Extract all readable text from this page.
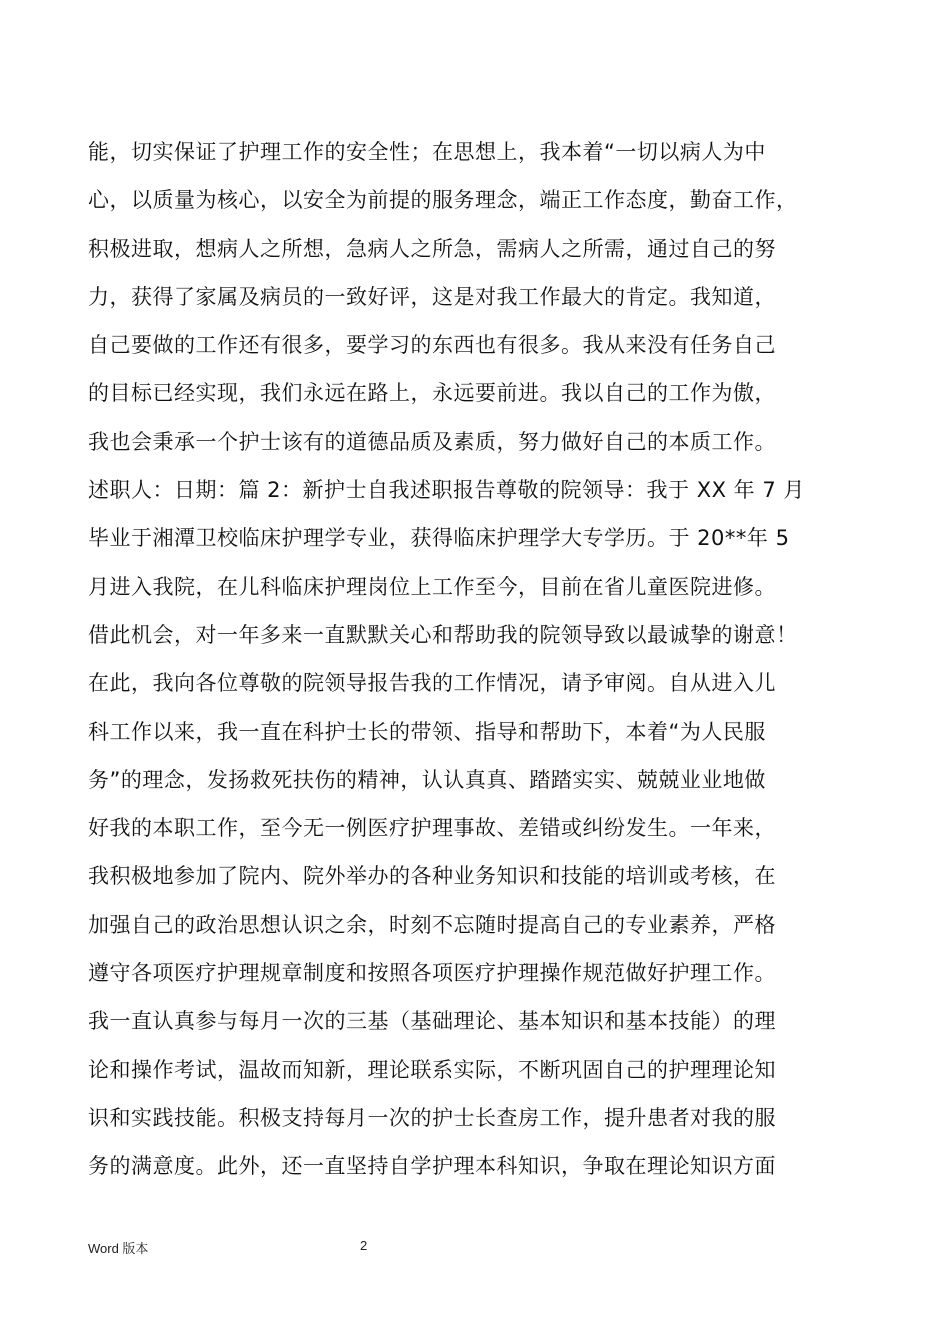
能，切实保证了护理工作的安全性；在思想上，我本着“一切以病人为中
心，以质量为核心，以安全为前提的服务理念，端正工作态度，勤奋工作，
积极进取，想病人之所想，急病人之所急，需病人之所需，通过自己的努
力，获得了家属及病员的一致好评，这是对我工作最大的肯定。我知道，
自己要做的工作还有很多，要学习的东西也有很多。我从来没有任务自己
的目标已经实现，我们永远在路上，永远要前进。我以自己的工作为傲，
我也会秉承一个护士该有的道德品质及素质，努力做好自己的本质工作。
述职人：日期：篇 2：新护士自我述职报告尊敬的院领导：我于 XX 年 7 月
毕业于湘潭卫校临床护理学专业，获得临床护理学大专学历。于 20**年 5
月进入我院，在儿科临床护理岗位上工作至今，目前在省儿童医院进修。
借此机会，对一年多来一直默默关心和帮助我的院领导致以最诚挚的谢意！
在此，我向各位尊敬的院领导报告我的工作情况，请予审阅。自从进入儿
科工作以来，我一直在科护士长的带领、指导和帮助下，本着“为人民服
务”的理念，发扬救死扶伤的精神，认认真真、踏踏实实、兢兢业业地做
好我的本职工作，至今无一例医疗护理事故、差错或纠纷发生。一年来，
我积极地参加了院内、院外举办的各种业务知识和技能的培训或考核，在
加强自己的政治思想认识之余，时刻不忘随时提高自己的专业素养，严格
遵守各项医疗护理规章制度和按照各项医疗护理操作规范做好护理工作。
我一直认真参与每月一次的三基（基础理论、基本知识和基本技能）的理
论和操作考试，温故而知新，理论联系实际，不断巩固自己的护理理论知
识和实践技能。积极支持每月一次的护士长查房工作，提升患者对我的服
务的满意度。此外，还一直坚持自学护理本科知识，争取在理论知识方面
Word 版本	2
